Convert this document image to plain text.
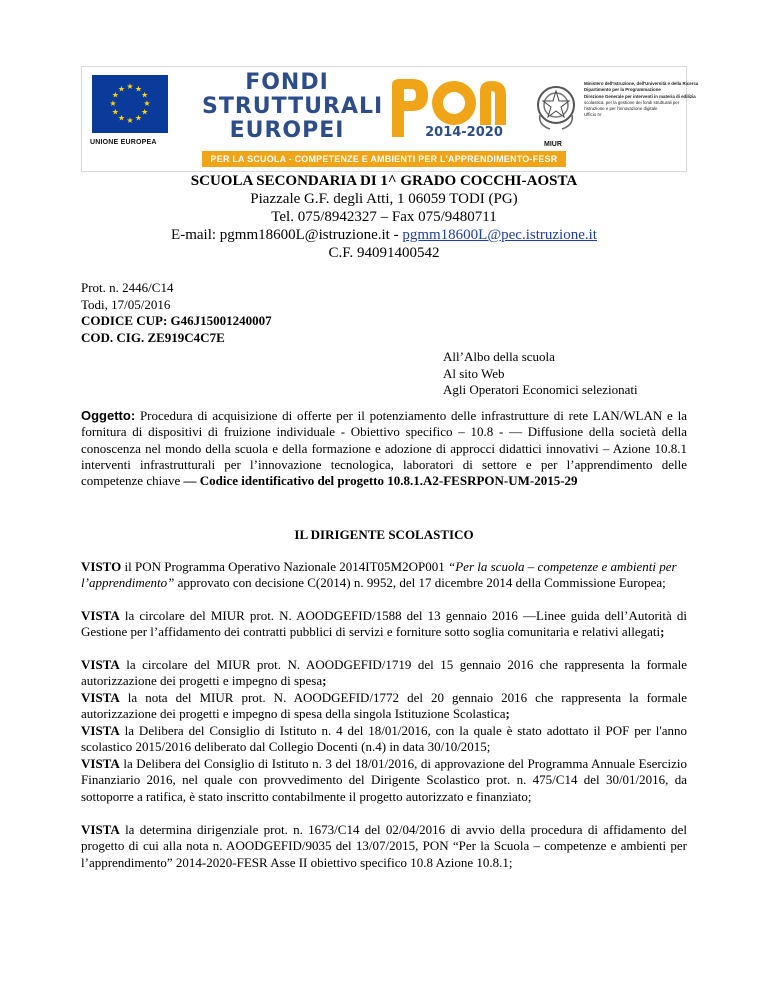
★ ★
★
★
★
★
★
★
★
★
★
★
UNIONE EUROPEA
FONDI
STRUTTURALI
EUROPEI	2014-2020
PER LA SCUOLA - COMPETENZE E AMBIENTI PER L'APPRENDIMENTO-FESR
MIUR
Ministero dell'Istruzione, dell'Università e della Ricerca
Dipartimento per la Programmazione
Direzione Generale per interventi in materia di edilizia
scolastica, per la gestione dei fondi strutturali per
l'istruzione e per l'innovazione digitale
Ufficio IV
SCUOLA SECONDARIA DI 1^ GRADO COCCHI-AOSTA
Piazzale G.F. degli Atti, 1 06059 TODI (PG)
Tel. 075/8942327 – Fax 075/9480711
E-mail: pgmm18600L@istruzione.it - pgmm18600L@pec.istruzione.it
C.F. 94091400542
Prot. n. 2446/C14
Todi, 17/05/2016
CODICE CUP: G46J15001240007
COD. CIG. ZE919C4C7E
All’Albo della scuola
Al sito Web
Agli Operatori Economici selezionati

Oggetto: Procedura di acquisizione di offerte per il potenziamento delle infrastrutture di rete LAN/WLAN e la fornitura di dispositivi di fruizione individuale - Obiettivo specifico – 10.8 - ― Diffusione della società della conoscenza nel mondo della scuola e della formazione e adozione di approcci didattici innovativi – Azione 10.8.1 interventi infrastrutturali per l’innovazione tecnologica, laboratori di settore e per l’apprendimento delle competenze chiave ― Codice identificativo del progetto 10.8.1.A2-FESRPON-UM-2015-29

IL DIRIGENTE SCOLASTICO

VISTO il PON Programma Operativo Nazionale 2014IT05M2OP001 “Per la scuola – competenze e ambienti per l’apprendimento” approvato con decisione C(2014) n. 9952, del 17 dicembre 2014 della Commissione Europea;

VISTA la circolare del MIUR prot. N. AOODGEFID/1588 del 13 gennaio 2016 ―Linee guida dell’Autorità di Gestione per l’affidamento dei contratti pubblici di servizi e forniture sotto soglia comunitaria e relativi allegati;

VISTA la circolare del MIUR prot. N. AOODGEFID/1719 del 15 gennaio 2016 che rappresenta la formale autorizzazione dei progetti e impegno di spesa;

VISTA la nota del MIUR prot. N. AOODGEFID/1772 del 20 gennaio 2016 che rappresenta la formale autorizzazione dei progetti e impegno di spesa della singola Istituzione Scolastica;

VISTA la Delibera del Consiglio di Istituto n. 4 del 18/01/2016, con la quale è stato adottato il POF per l'anno scolastico 2015/2016 deliberato dal Collegio Docenti (n.4) in data 30/10/2015;

VISTA la Delibera del Consiglio di Istituto n. 3 del 18/01/2016, di approvazione del Programma Annuale Esercizio Finanziario 2016, nel quale con provvedimento del Dirigente Scolastico prot. n. 475/C14 del 30/01/2016, da sottoporre a ratifica, è stato inscritto contabilmente il progetto autorizzato e finanziato;

VISTA la determina dirigenziale prot. n. 1673/C14 del 02/04/2016 di avvio della procedura di affidamento del progetto di cui alla nota n. AOODGEFID/9035 del 13/07/2015, PON “Per la Scuola – competenze e ambienti per l’apprendimento” 2014-2020-FESR Asse II obiettivo specifico 10.8 Azione 10.8.1;
